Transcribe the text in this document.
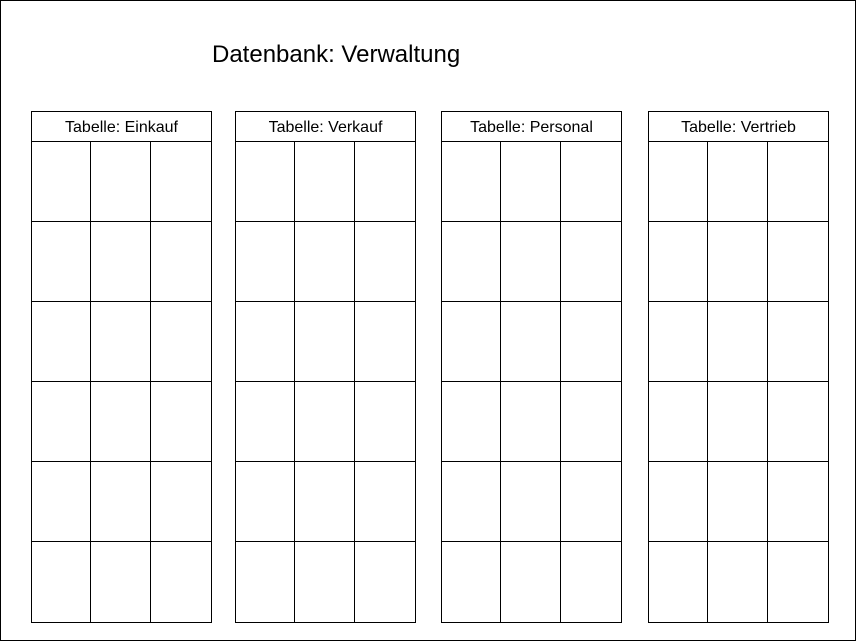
Datenbank: Verwaltung
Tabelle: Einkauf	Tabelle: Verkauf	Tabelle: Personal	Tabelle: Vertrieb
